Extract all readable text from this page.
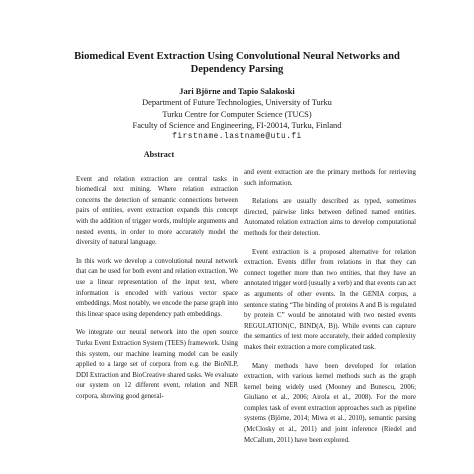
Biomedical Event Extraction Using Convolutional Neural Networks and
Dependency Parsing
Jari Björne and Tapio Salakoski
Department of Future Technologies, University of Turku
Turku Centre for Computer Science (TUCS)
Faculty of Science and Engineering, FI-20014, Turku, Finland
firstname.lastname@utu.fi
Abstract

Event and relation extraction are central tasks in biomedical text mining. Where relation extraction concerns the detection of semantic connections between pairs of entities, event extraction expands this concept with the addition of trigger words, multiple arguments and nested events, in order to more accurately model the diversity of natural language.

In this work we develop a convolutional neural network that can be used for both event and relation extraction. We use a linear representation of the input text, where information is encoded with various vector space embeddings. Most notably, we encode the parse graph into this linear space using dependency path embeddings.

We integrate our neural network into the open source Turku Event Extraction System (TEES) framework. Using this system, our machine learning model can be easily applied to a large set of corpora from e.g. the BioNLP, DDI Extraction and BioCreative shared tasks. We evaluate our system on 12 different event, relation and NER corpora, showing good general-

and event extraction are the primary methods for retrieving such information.

Relations are usually described as typed, sometimes directed, pairwise links between defined named entities. Automated relation extraction aims to develop computational methods for their detection.

Event extraction is a proposed alternative for relation extraction. Events differ from relations in that they can connect together more than two entities, that they have an annotated trigger word (usually a verb) and that events can act as arguments of other events. In the GENIA corpus, a sentence stating “The binding of proteins A and B is regulated by protein C” would be annotated with two nested events REGULATION(C, BIND(A, B)). While events can capture the semantics of text more accurately, their added complexity makes their extraction a more complicated task.

Many methods have been developed for relation extraction, with various kernel methods such as the graph kernel being widely used (Mooney and Bunescu, 2006; Giuliano et al., 2006; Airola et al., 2008). For the more complex task of event extraction approaches such as pipeline systems (Björne, 2014; Miwa et al., 2010), semantic parsing (McClosky et al., 2011) and joint inference (Riedel and McCallum, 2011) have been explored.
